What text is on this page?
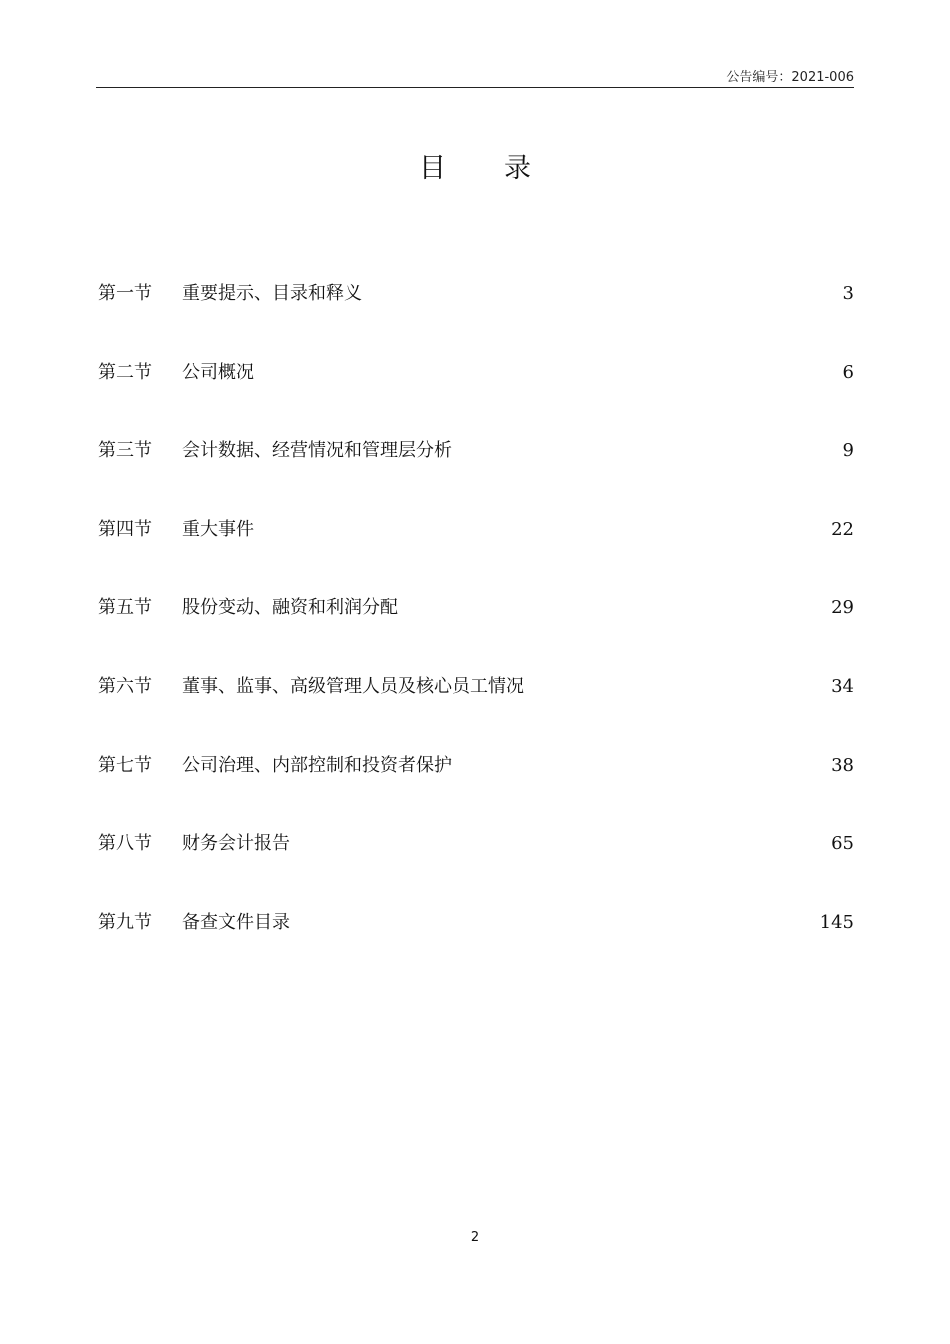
公告编号：2021-006
目录
第一节	重要提示、目录和释义	3
第二节	公司概况	6
第三节	会计数据、经营情况和管理层分析	9
第四节	重大事件	22
第五节	股份变动、融资和利润分配	29
第六节	董事、监事、高级管理人员及核心员工情况	34
第七节	公司治理、内部控制和投资者保护	38
第八节	财务会计报告	65
第九节	备查文件目录	145
2
